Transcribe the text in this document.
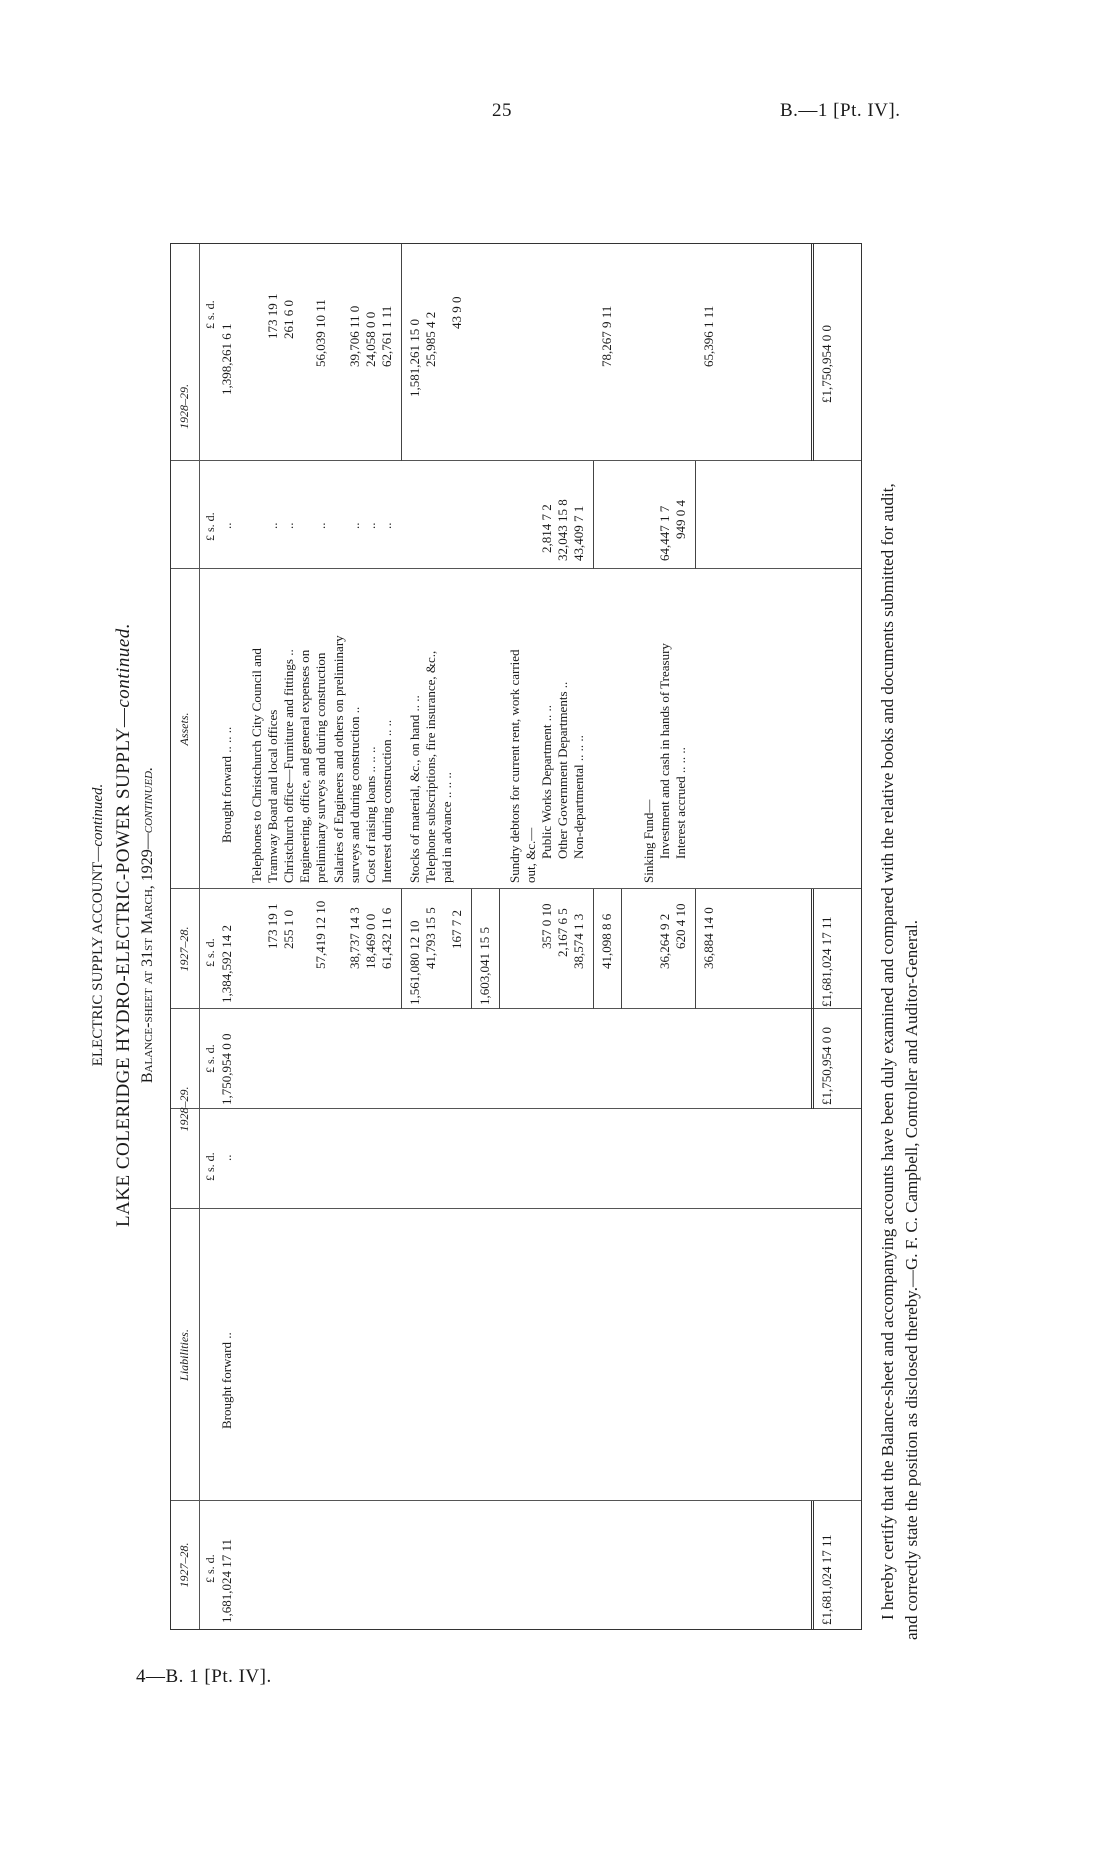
25	B.—1 [Pt. IV].
4—B. 1 [Pt. IV].
ELECTRIC SUPPLY ACCOUNT—continued. LAKE COLERIDGE HYDRO-ELECTRIC-POWER SUPPLY—continued.
Balance-sheet at 31st March, 1929—continued.
1927–28.
Liabilities.
1928–29.
£ s. d.
£ s. d.
£ s. d.
1,681,024 17 11
Brought forward ..
..
1,750,954 0 0
£1,681,024 17 11
£1,750,954 0 0
1927–28.
Assets.
1928–29.
£ s. d.
£ s. d.
£ s. d.
1,384,592 14 2
Brought forward .. .. ..
..
1,398,261 6 1
Telephones to Christchurch City Council and
173 19 1
Tramway Board and local offices
..
173 19 1
255 1 0
Christchurch office—Furniture and fittings ..
..
261 6 0
Engineering, office, and general expenses on
57,419 12 10
preliminary surveys and during construction
..
56,039 10 11
Salaries of Engineers and others on preliminary
38,737 14 3
surveys and during construction ..
..
39,706 11 0
18,469 0 0
Cost of raising loans .. .. ..
..
24,058 0 0
61,432 11 6
Interest during construction .. ..
..
62,761 1 11
1,561,080 12 10
1,581,261 15 0
41,793 15 5
Stocks of material, &c., on hand .. ..
25,985 4 2
Telephone subscriptions, fire insurance, &c., paid in advance .. .. ..
167 7 2
43 9 0
1,603,041 15 5
Sundry debtors for current rent, work carried out, &c.— Public Works Department .. ..
357 0 10
2,814 7 2
Other Government Departments ..
2,167 6 5
32,043 15 8
Non-departmental .. .. ..
38,574 1 3
43,409 7 1
41,098 8 6
78,267 9 11
Sinking Fund— Investment and cash in hands of Treasury
36,264 9 2
64,447 1 7
Interest accrued .. .. ..
620 4 10
949 0 4
36,884 14 0
65,396 1 11
£1,681,024 17 11
£1,750,954 0 0
I hereby certify that the Balance-sheet and accompanying accounts have been duly examined and compared with the relative books and documents submitted for audit, and correctly state the position as disclosed thereby.—G. F. C. Campbell, Controller and Auditor-General.
